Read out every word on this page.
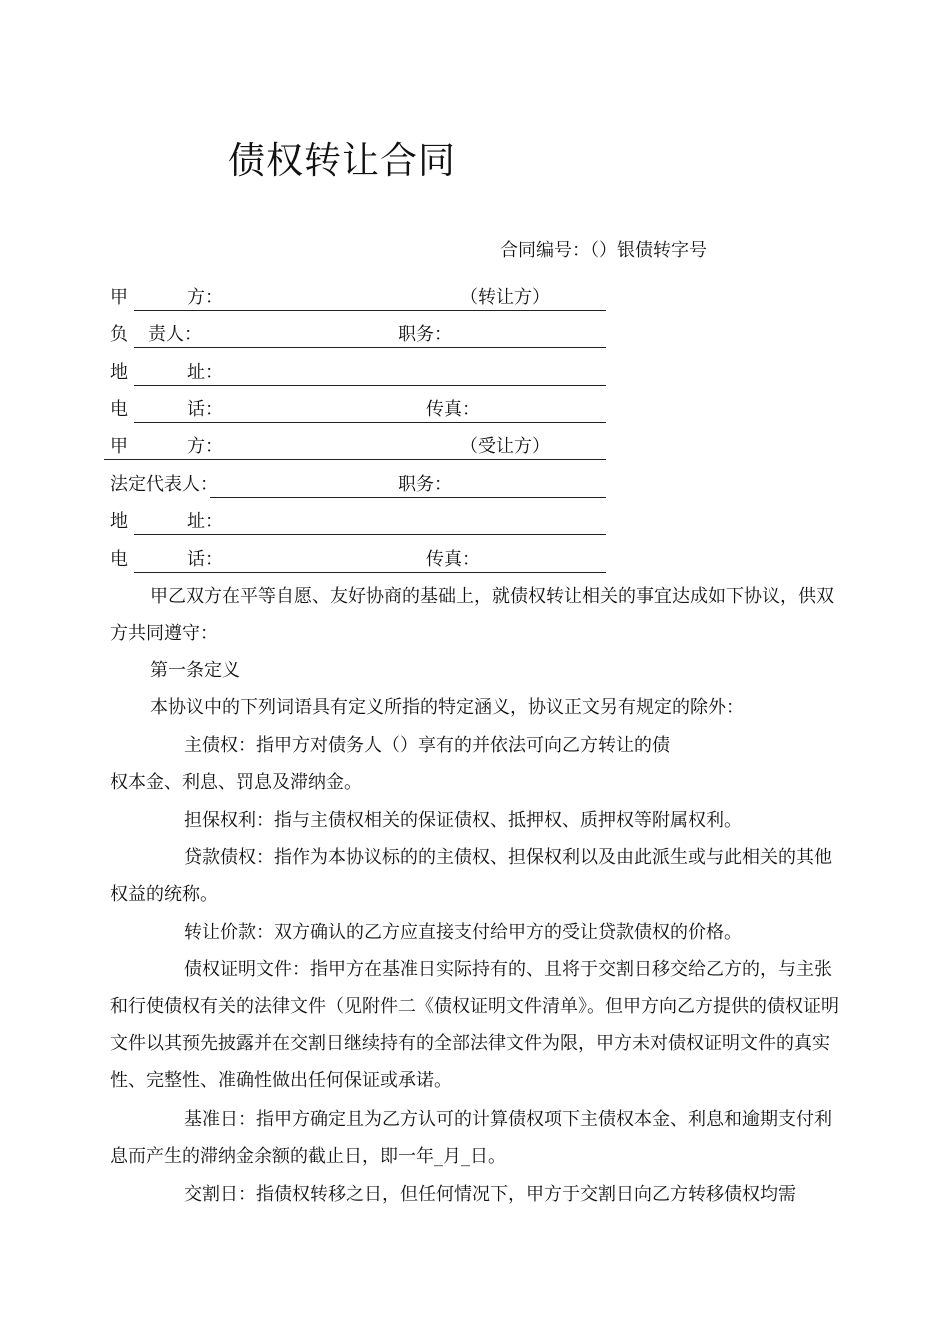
债权转让合同
合同编号：（）银债转字号
甲	方：	（转让方）
负 责人：	职务：
地	址：
电	话：	传真：
甲	方：	（受让方）
法定代表人：	职务：
地	址：
电	话：	传真：

甲乙双方在平等自愿、友好协商的基础上，就债权转让相关的事宜达成如下协议，供双方共同遵守：

第一条定义

本协议中的下列词语具有定义所指的特定涵义，协议正文另有规定的除外：

主债权：指甲方对债务人（）享有的并依法可向乙方转让的债

权本金、利息、罚息及滞纳金。

担保权利：指与主债权相关的保证债权、抵押权、质押权等附属权利。

贷款债权：指作为本协议标的的主债权、担保权利以及由此派生或与此相关的其他权益的统称。

转让价款：双方确认的乙方应直接支付给甲方的受让贷款债权的价格。

债权证明文件：指甲方在基准日实际持有的、且将于交割日移交给乙方的，与主张和行使债权有关的法律文件（见附件二《债权证明文件清单》。但甲方向乙方提供的债权证明文件以其预先披露并在交割日继续持有的全部法律文件为限，甲方未对债权证明文件的真实性、完整性、准确性做出任何保证或承诺。

基准日：指甲方确定且为乙方认可的计算债权项下主债权本金、利息和逾期支付利息而产生的滞纳金余额的截止日，即一年_月_日。

交割日：指债权转移之日，但任何情况下，甲方于交割日向乙方转移债权均需
